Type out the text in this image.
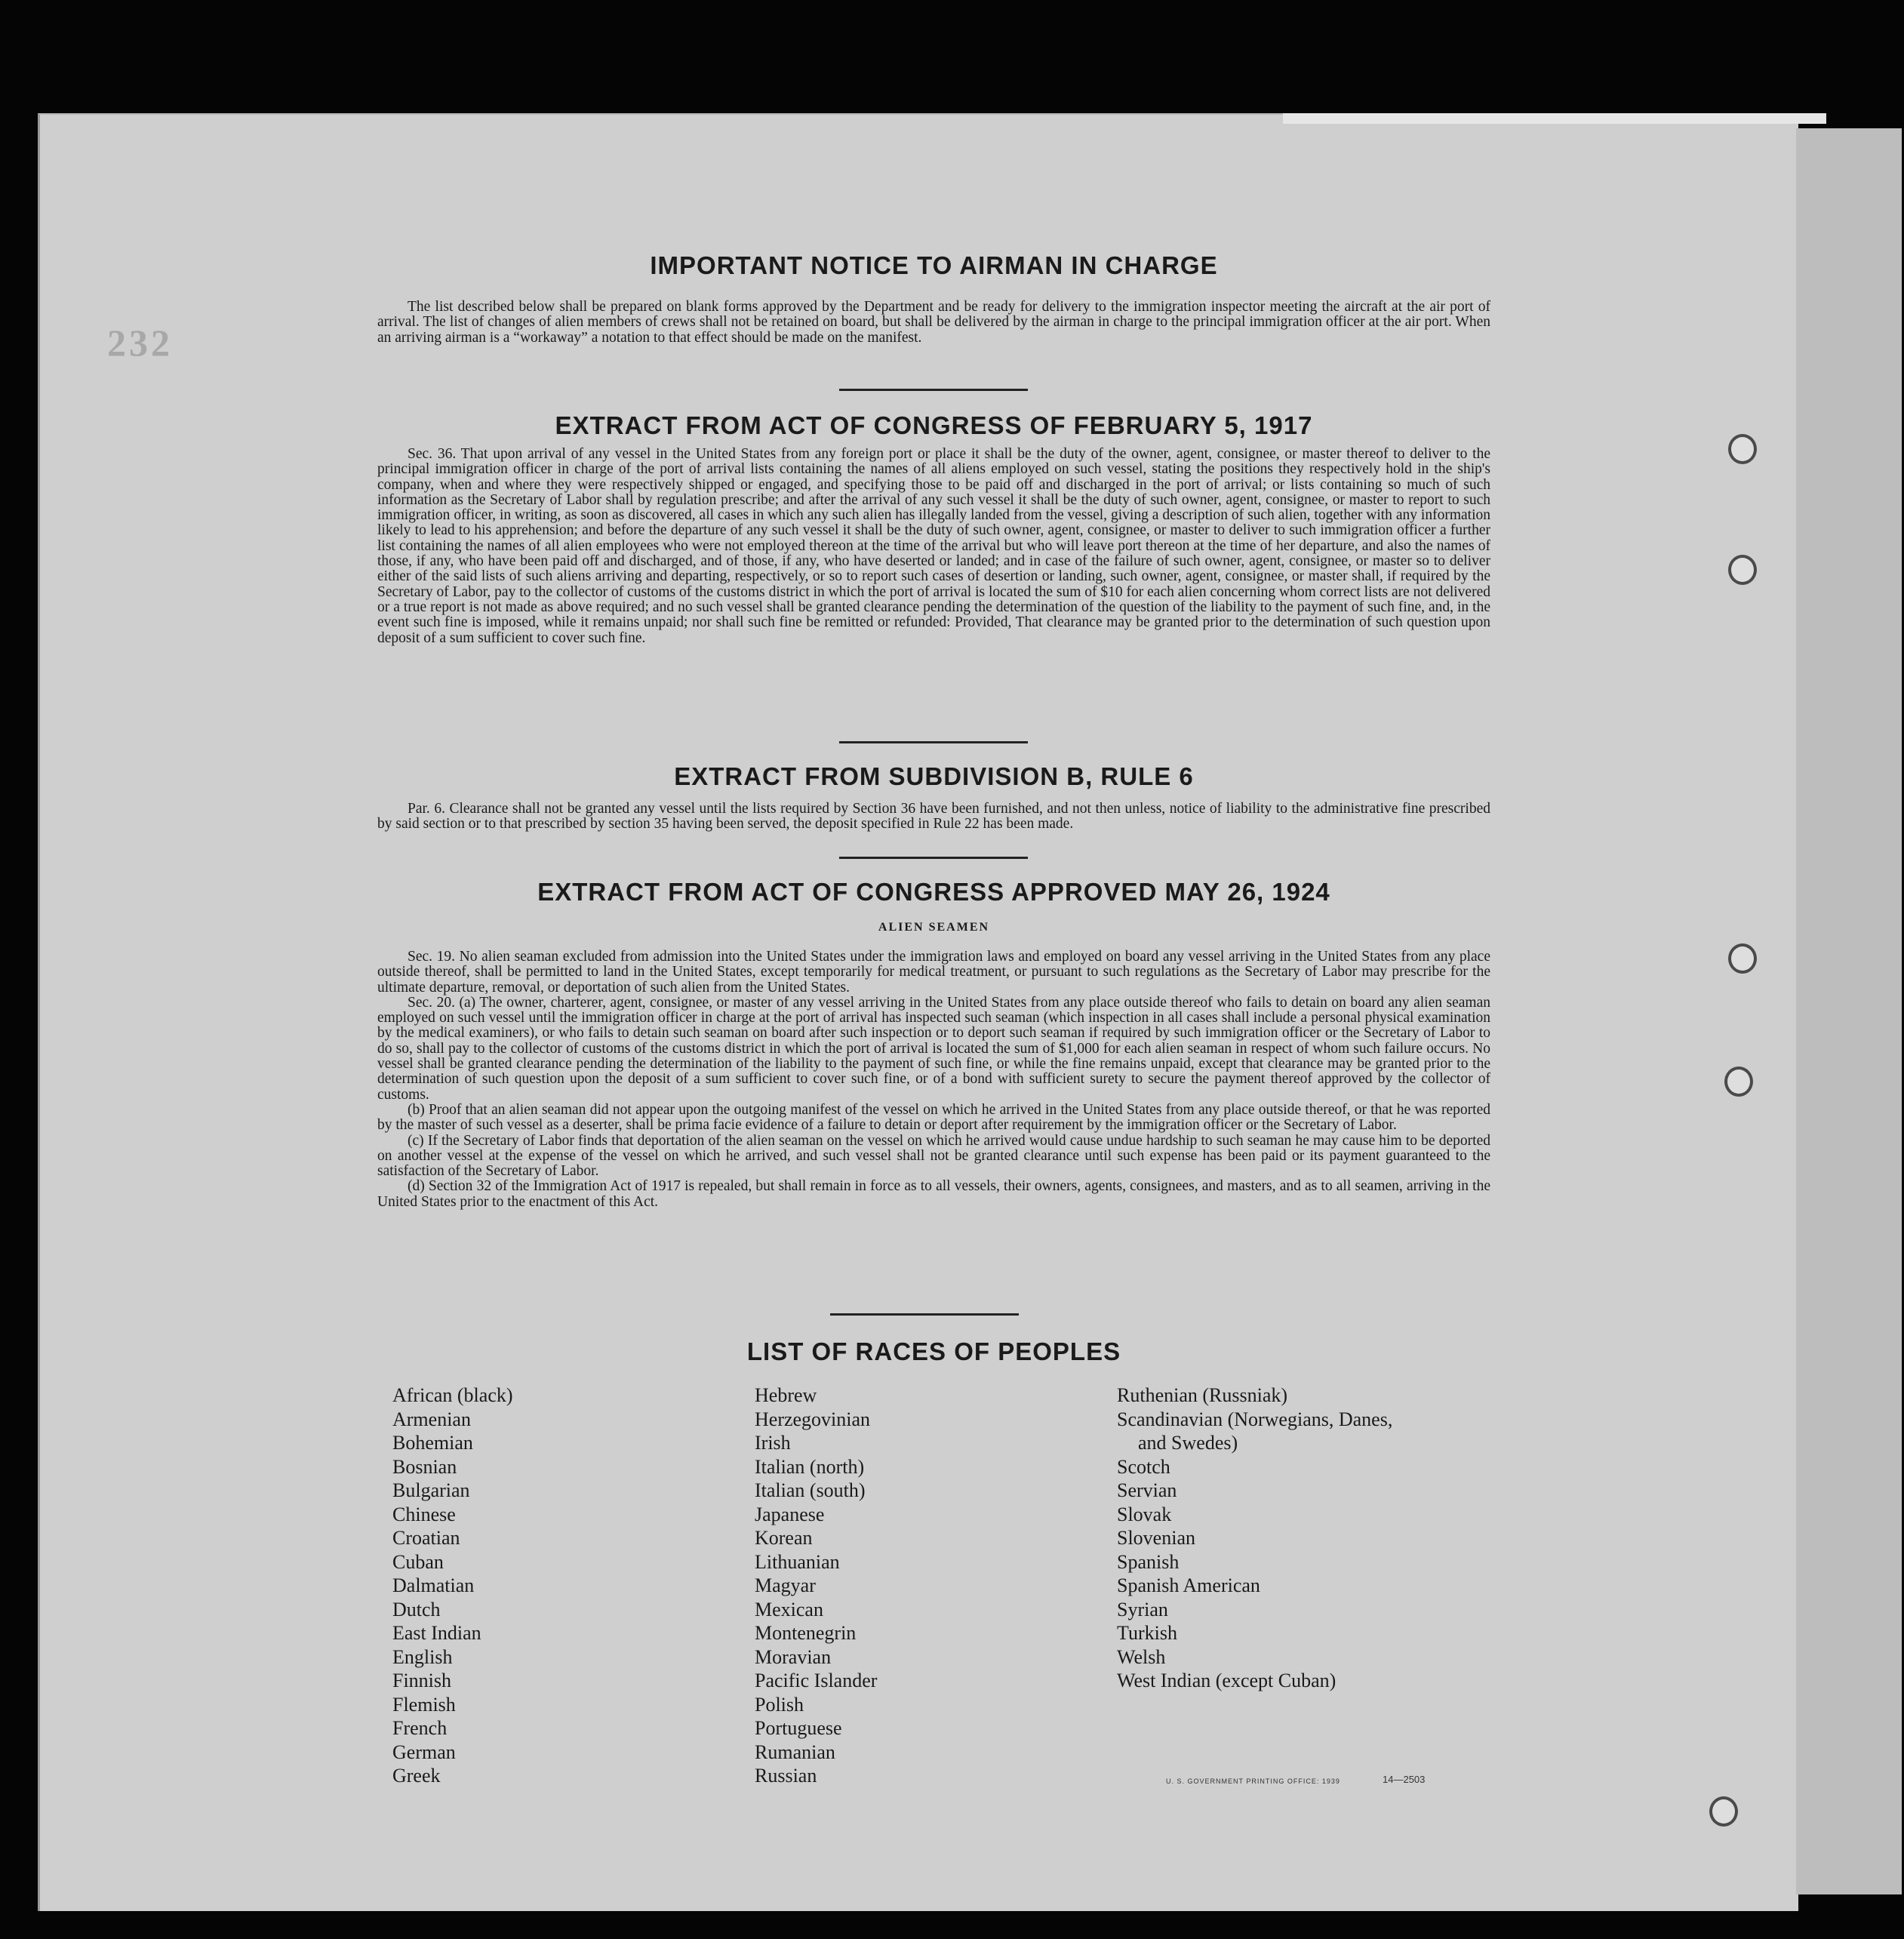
232
IMPORTANT NOTICE TO AIRMAN IN CHARGE

The list described below shall be prepared on blank forms approved by the Department and be ready for delivery to the immigration inspector meeting the aircraft at the air port of arrival. The list of changes of alien members of crews shall not be retained on board, but shall be delivered by the airman in charge to the principal immigration officer at the air port. When an arriving airman is a “workaway” a notation to that effect should be made on the manifest.

EXTRACT FROM ACT OF CONGRESS OF FEBRUARY 5, 1917

Sec. 36. That upon arrival of any vessel in the United States from any foreign port or place it shall be the duty of the owner, agent, consignee, or master thereof to deliver to the principal immigration officer in charge of the port of arrival lists containing the names of all aliens employed on such vessel, stating the positions they respectively hold in the ship's company, when and where they were respectively shipped or engaged, and specifying those to be paid off and discharged in the port of arrival; or lists containing so much of such information as the Secretary of Labor shall by regulation prescribe; and after the arrival of any such vessel it shall be the duty of such owner, agent, consignee, or master to report to such immigration officer, in writing, as soon as discovered, all cases in which any such alien has illegally landed from the vessel, giving a description of such alien, together with any information likely to lead to his apprehension; and before the departure of any such vessel it shall be the duty of such owner, agent, consignee, or master to deliver to such immigration officer a further list containing the names of all alien employees who were not employed thereon at the time of the arrival but who will leave port thereon at the time of her departure, and also the names of those, if any, who have been paid off and discharged, and of those, if any, who have deserted or landed; and in case of the failure of such owner, agent, consignee, or master so to deliver either of the said lists of such aliens arriving and departing, respectively, or so to report such cases of desertion or landing, such owner, agent, consignee, or master shall, if required by the Secretary of Labor, pay to the collector of customs of the customs district in which the port of arrival is located the sum of $10 for each alien concerning whom correct lists are not delivered or a true report is not made as above required; and no such vessel shall be granted clearance pending the determination of the question of the liability to the payment of such fine, and, in the event such fine is imposed, while it remains unpaid; nor shall such fine be remitted or refunded: Provided, That clearance may be granted prior to the determination of such question upon deposit of a sum sufficient to cover such fine.

EXTRACT FROM SUBDIVISION B, RULE 6

Par. 6. Clearance shall not be granted any vessel until the lists required by Section 36 have been furnished, and not then unless, notice of liability to the administrative fine prescribed by said section or to that prescribed by section 35 having been served, the deposit specified in Rule 22 has been made.

EXTRACT FROM ACT OF CONGRESS APPROVED MAY 26, 1924
ALIEN SEAMEN

Sec. 19. No alien seaman excluded from admission into the United States under the immigration laws and employed on board any vessel arriving in the United States from any place outside thereof, shall be permitted to land in the United States, except temporarily for medical treatment, or pursuant to such regulations as the Secretary of Labor may prescribe for the ultimate departure, removal, or deportation of such alien from the United States.

Sec. 20. (a) The owner, charterer, agent, consignee, or master of any vessel arriving in the United States from any place outside thereof who fails to detain on board any alien seaman employed on such vessel until the immigration officer in charge at the port of arrival has inspected such seaman (which inspection in all cases shall include a personal physical examination by the medical examiners), or who fails to detain such seaman on board after such inspection or to deport such seaman if required by such immigration officer or the Secretary of Labor to do so, shall pay to the collector of customs of the customs district in which the port of arrival is located the sum of $1,000 for each alien seaman in respect of whom such failure occurs. No vessel shall be granted clearance pending the determination of the liability to the payment of such fine, or while the fine remains unpaid, except that clearance may be granted prior to the determination of such question upon the deposit of a sum sufficient to cover such fine, or of a bond with sufficient surety to secure the payment thereof approved by the collector of customs.

(b) Proof that an alien seaman did not appear upon the outgoing manifest of the vessel on which he arrived in the United States from any place outside thereof, or that he was reported by the master of such vessel as a deserter, shall be prima facie evidence of a failure to detain or deport after requirement by the immigration officer or the Secretary of Labor.

(c) If the Secretary of Labor finds that deportation of the alien seaman on the vessel on which he arrived would cause undue hardship to such seaman he may cause him to be deported on another vessel at the expense of the vessel on which he arrived, and such vessel shall not be granted clearance until such expense has been paid or its payment guaranteed to the satisfaction of the Secretary of Labor.

(d) Section 32 of the Immigration Act of 1917 is repealed, but shall remain in force as to all vessels, their owners, agents, consignees, and masters, and as to all seamen, arriving in the United States prior to the enactment of this Act.

LIST OF RACES OF PEOPLES
African (black)
Armenian
Bohemian
Bosnian
Bulgarian
Chinese
Croatian
Cuban
Dalmatian
Dutch
East Indian
English
Finnish
Flemish
French
German
Greek
Hebrew
Herzegovinian
Irish
Italian (north)
Italian (south)
Japanese
Korean
Lithuanian
Magyar
Mexican
Montenegrin
Moravian
Pacific Islander
Polish
Portuguese
Rumanian
Russian
Ruthenian (Russniak)
Scandinavian (Norwegians, Danes,
and Swedes)
Scotch
Servian
Slovak
Slovenian
Spanish
Spanish American
Syrian
Turkish
Welsh
West Indian (except Cuban)
U. S. GOVERNMENT PRINTING OFFICE: 1939	14—2503
